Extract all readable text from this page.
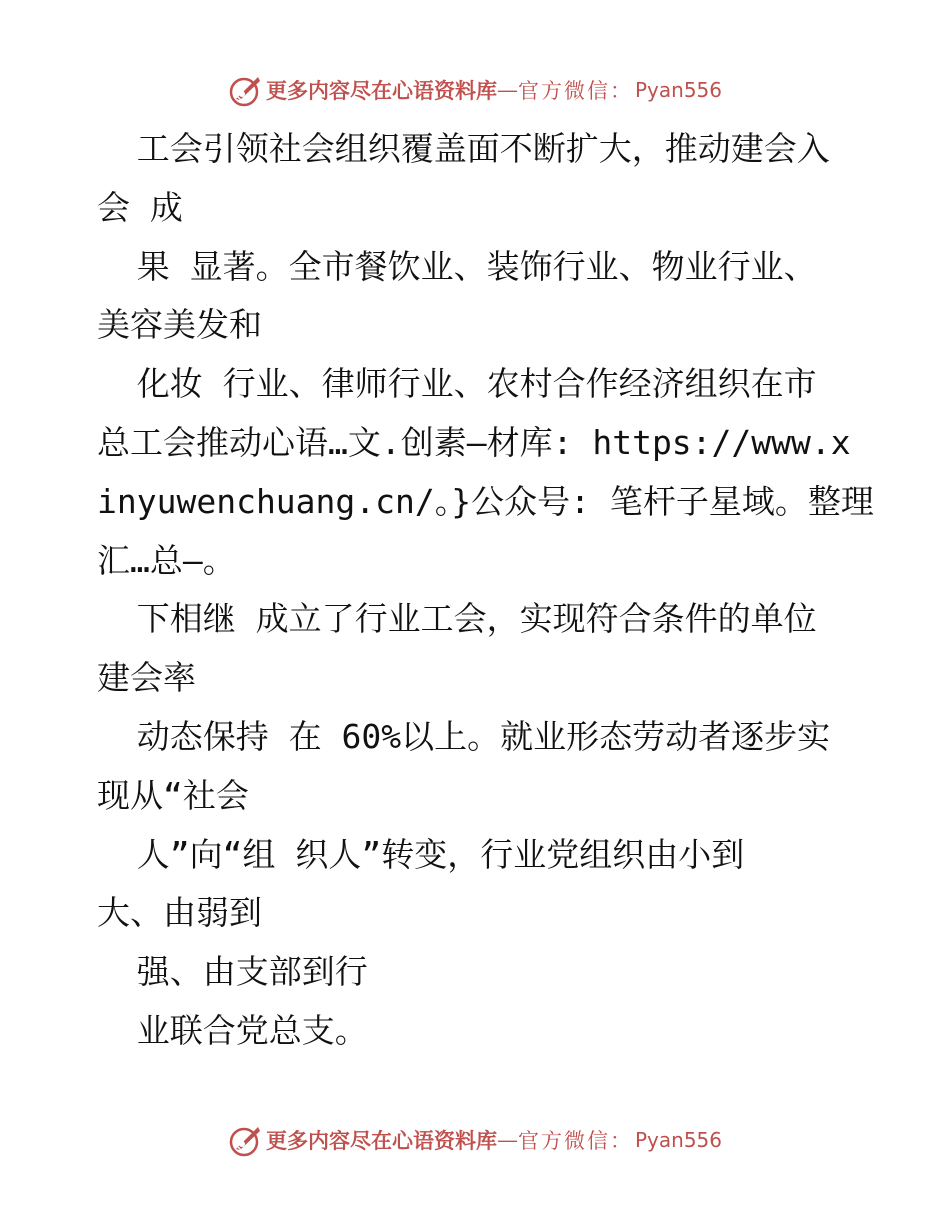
更多内容尽在心语资料库 — 官方微信： Pyan556
工会引领社会组织覆盖面不断扩大，推动建会入
会 成
果 显著。全市餐饮业、装饰行业、物业行业、
美容美发和
化妆 行业、律师行业、农村合作经济组织在市
总工会推动心语…文.创素—材库: https://www.x
inyuwenchuang.cn/。}公众号: 笔杆子星域。整理
汇…总—。
下相继 成立了行业工会，实现符合条件的单位
建会率
动态保持 在 60%以上。就业形态劳动者逐步实
现从“社会
人”向“组 织人”转变，行业党组织由小到
大、由弱到
强、由支部到行
业联合党总支。
更多内容尽在心语资料库 — 官方微信： Pyan556
